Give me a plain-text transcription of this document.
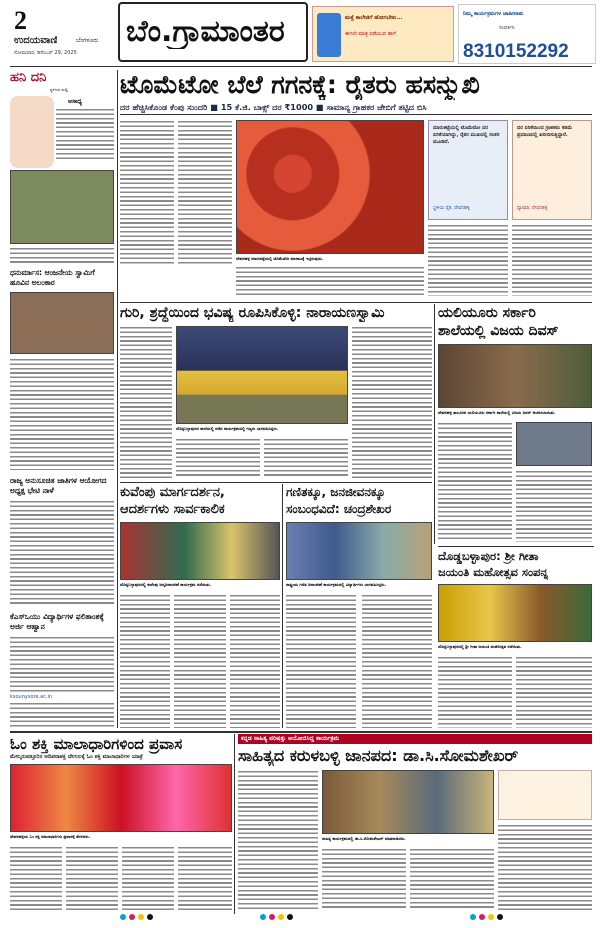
2
ಉದಯವಾಣಿ	ಬೆಂಗಳೂರು
ಸೋಮವಾರ, ಡಿಸೆಂಬರ್ 29, 2025
ಬೆಂ.ಗ್ರಾಮಾಂತರ	ಮತ್ತೆ ಕಾಲೇಜಿಗೆ ಹೋಗಬೇಕು...
ಈಗಲೇ ಮಾತ್ರ ಪಡೆಯುವ ಹಾಗೆ
ನಿಮ್ಮ ಕಾರ್ಯಕ್ರಮಗಳ ಜಾಹೀರಾತು
ಸಂಪರ್ಕಿಸಿ
8310152292
ಹನಿ ದನಿ
ಸ್ಥಳೀಯ ಸುದ್ದಿ
ಆಸಾಧ್ಯ
ಧನುರ್ಮಾಸ: ಆಂಜನೇಯ ಸ್ವಾಮಿಗೆ ಹೂವಿನ ಅಲಂಕಾರ
ರಾಜ್ಯ ಅನುಸೂಚಿತ ಜಾತಿಗಳ ಆಯೋಗದ ಅಧ್ಯಕ್ಷ ಭೇಟಿ ನಾಳೆ
ಕೆಎಸ್‌ಒಯು ವಿದ್ಯಾರ್ಥಿಗಳ ಫಲಿತಾಂಶಕ್ಕೆ ಅರ್ಜಿ ಆಹ್ವಾನ
ksounysore.ac.in
ಟೊಮೆಟೋ ಬೆಲೆ ಗಗನಕ್ಕೆ: ರೈತರು ಹಸನ್ಮುಖಿ
ದರ ಹೆಚ್ಚಿಸಿಕೊಂಡ ಕೆಂಪು ಸುಂದರಿ ■ 15 ಕೆ.ಜಿ. ಬಾಕ್ಸ್ ದರ ₹1000 ■ ಸಾಮಾನ್ಯ ಗ್ರಾಹಕರ ಜೇಬಿಗೆ ತಟ್ಟಿದ ಬಿಸಿ
ದೇವನಹಳ್ಳಿ ಮಾರುಕಟ್ಟೆಯಲ್ಲಿ ಟೊಮೆಟೋ ಮಾರಾಟಕ್ಕೆ ಇಟ್ಟಿರುವುದು.
ಮಾರುಕಟ್ಟೆಯಲ್ಲಿ ಟೊಮೆಟೋ ದರ ಏರಿಕೆಯಾಗಿದ್ದು, ರೈತರ ಮುಖದಲ್ಲಿ ಸಂತಸ ಮೂಡಿದೆ.
ಸ್ಥಳೀಯ ರೈತ, ದೇವನಹಳ್ಳಿ
ದರ ಏರಿಕೆಯಿಂದ ಗ್ರಾಹಕರು ಕಡಿಮೆ ಪ್ರಮಾಣದಲ್ಲಿ ಖರೀದಿಸುತ್ತಿದ್ದಾರೆ.
ವ್ಯಾಪಾರಿ, ದೇವನಹಳ್ಳಿ
ಗುರಿ, ಶ್ರದ್ಧೆಯಿಂದ ಭವಿಷ್ಯ ರೂಪಿಸಿಕೊಳ್ಳಿ: ನಾರಾಯಣಸ್ವಾಮಿ
ದೊಡ್ಡಬಳ್ಳಾಪುರದ ಶಾಲೆಯಲ್ಲಿ ನಡೆದ ಕಾರ್ಯಕ್ರಮದಲ್ಲಿ ಗಣ್ಯರು ಭಾಗವಹಿಸಿದ್ದರು.
ಯಲಿಯೂರು ಸರ್ಕಾರಿ
ಶಾಲೆಯಲ್ಲಿ ವಿಜಯ ದಿವಸ್
ದೇವನಹಳ್ಳಿ ತಾಲೂಕಿನ ಯಲಿಯೂರು ಸರ್ಕಾರಿ ಶಾಲೆಯಲ್ಲಿ ವಿಜಯ ದಿವಸ್ ಆಚರಿಸಲಾಯಿತು.
ಕುವೆಂಪು ಮಾರ್ಗದರ್ಶನ,
ಆದರ್ಶಗಳು ಸಾರ್ವಕಾಲಿಕ
ದೊಡ್ಡಬಳ್ಳಾಪುರದಲ್ಲಿ ಕುವೆಂಪು ಜನ್ಮದಿನಾಚರಣೆ ಕಾರ್ಯಕ್ರಮ ನಡೆಯಿತು.
ಗಣಿತಕ್ಕೂ, ಜನಜೀವನಕ್ಕೂ
ಸಂಬಂಧವಿದೆ: ಚಂದ್ರಶೇಖರ
ರಾಷ್ಟ್ರೀಯ ಗಣಿತ ದಿನಾಚರಣೆ ಕಾರ್ಯಕ್ರಮದಲ್ಲಿ ವಿದ್ಯಾರ್ಥಿಗಳು ಭಾಗವಹಿಸಿದ್ದರು.
ದೊಡ್ಡಬಳ್ಳಾಪುರ: ಶ್ರೀ ಗೀತಾ
ಜಯಂತಿ ಮಹೋತ್ಸವ ಸಂಪನ್ನ
ದೊಡ್ಡಬಳ್ಳಾಪುರದಲ್ಲಿ ಶ್ರೀ ಗೀತಾ ಜಯಂತಿ ಮಹೋತ್ಸವ ನಡೆಯಿತು.
ಓಂ ಶಕ್ತಿ ಮಾಲಾಧಾರಿಗಳಿಂದ ಪ್ರವಾಸ
ಮೇಲ್ಮರುವತ್ತೂರಿನ ಆದಿಪರಾಶಕ್ತಿ ದೇಗುಲಕ್ಕೆ ಓಂ ಶಕ್ತಿ ಮಾಲಾಧಾರಿಗಳ ಯಾತ್ರೆ
ದೇವನಹಳ್ಳಿಯ ಓಂ ಶಕ್ತಿ ಮಾಲಾಧಾರಿಗಳು ಪ್ರವಾಸಕ್ಕೆ ತೆರಳಿದರು.
ಕನ್ನಡ ಸಾಹಿತ್ಯ ಪರಿಷತ್ತು ಆಯೋಜಿಸಿದ್ದ ಕಾರ್ಯಕ್ರಮ
ಸಾಹಿತ್ಯದ ಕರುಳಬಳ್ಳಿ ಜಾನಪದ: ಡಾ.ಸಿ.ಸೋಮಶೇಖರ್
ಸಾಹಿತ್ಯ ಕಾರ್ಯಕ್ರಮದಲ್ಲಿ ಡಾ.ಸಿ.ಸೋಮಶೇಖರ್ ಮಾತನಾಡಿದರು.
